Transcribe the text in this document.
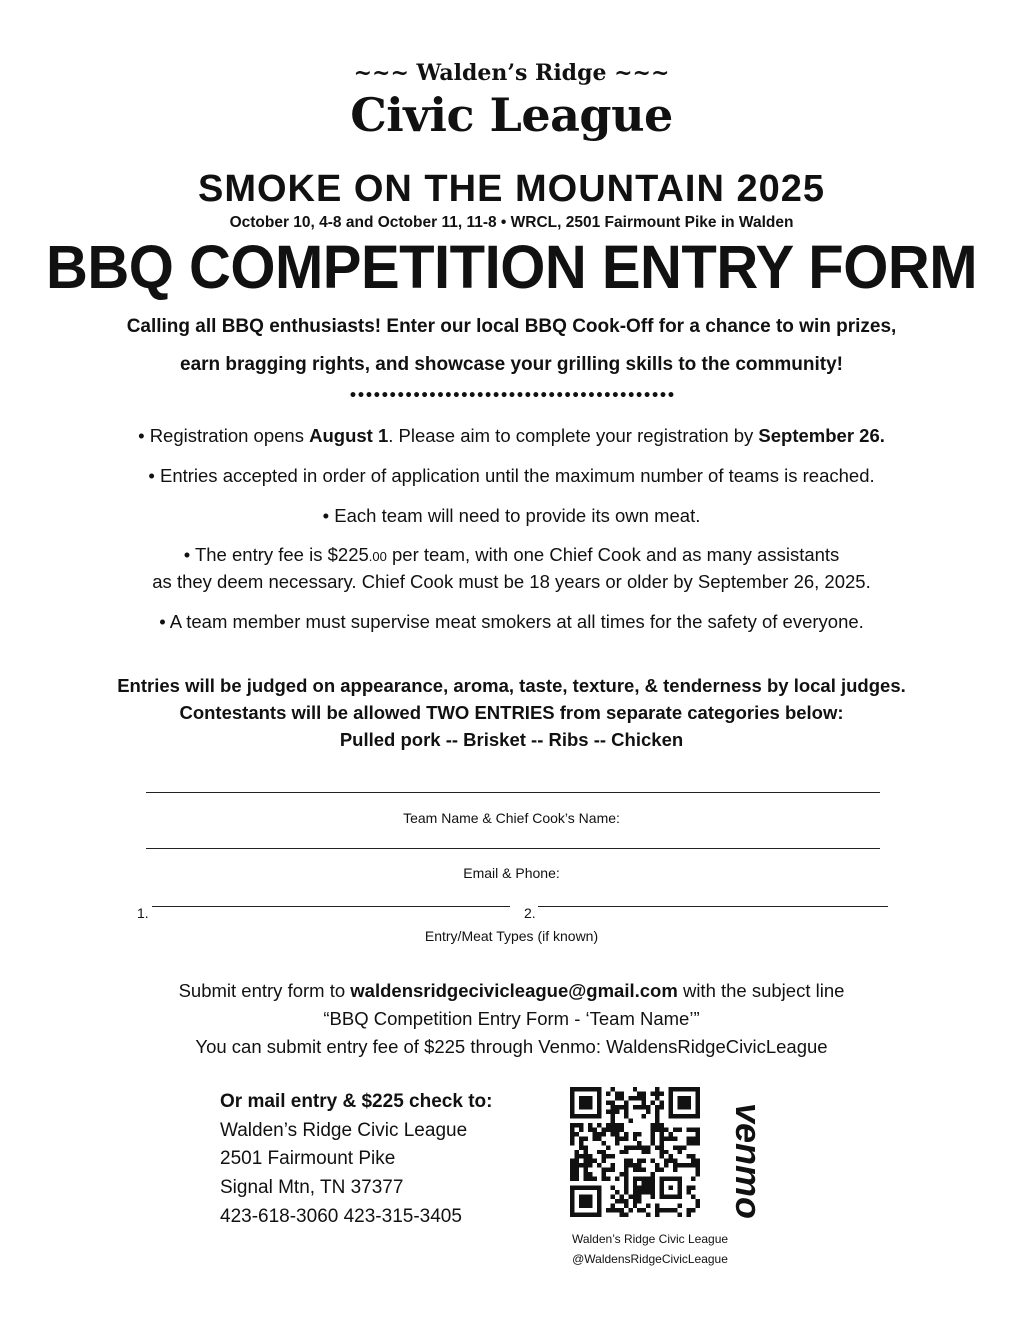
~~~ Walden’s Ridge ~~~
Civic League
SMOKE ON THE MOUNTAIN 2025
October 10, 4-8 and October 11, 11-8 • WRCL, 2501 Fairmount Pike in Walden
BBQ COMPETITION ENTRY FORM
Calling all BBQ enthusiasts! Enter our local BBQ Cook-Off for a chance to win prizes,
earn bragging rights, and showcase your grilling skills to the community!
•••••••••••••••••••••••••••••••••••••••••
• Registration opens August 1. Please aim to complete your registration by September 26.
• Entries accepted in order of application until the maximum number of teams is reached.
• Each team will need to provide its own meat.
• The entry fee is $225.00 per team, with one Chief Cook and as many assistants
as they deem necessary. Chief Cook must be 18 years or older by September 26, 2025.
• A team member must supervise meat smokers at all times for the safety of everyone.
Entries will be judged on appearance, aroma, taste, texture, & tenderness by local judges.
Contestants will be allowed TWO ENTRIES from separate categories below:
Pulled pork -- Brisket -- Ribs -- Chicken
Team Name & Chief Cook’s Name:
Email & Phone:
1.	2.
Entry/Meat Types (if known)
Submit entry form to waldensridgecivicleague@gmail.com with the subject line
“BBQ Competition Entry Form - ‘Team Name’”
You can submit entry fee of $225 through Venmo: WaldensRidgeCivicLeague
Or mail entry & $225 check to:
Walden’s Ridge Civic League
2501 Fairmount Pike
Signal Mtn, TN 37377
423-618-3060 423-315-3405	venmo
Walden’s Ridge Civic League
@WaldensRidgeCivicLeague
